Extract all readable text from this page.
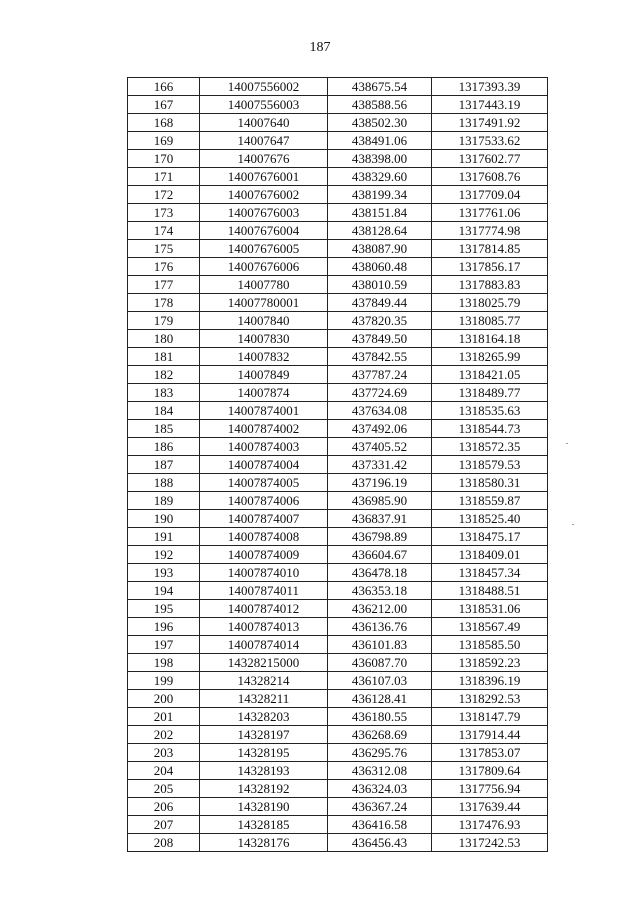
187
166	14007556002	438675.54	1317393.39
167	14007556003	438588.56	1317443.19
168	14007640	438502.30	1317491.92
169	14007647	438491.06	1317533.62
170	14007676	438398.00	1317602.77
171	14007676001	438329.60	1317608.76
172	14007676002	438199.34	1317709.04
173	14007676003	438151.84	1317761.06
174	14007676004	438128.64	1317774.98
175	14007676005	438087.90	1317814.85
176	14007676006	438060.48	1317856.17
177	14007780	438010.59	1317883.83
178	14007780001	437849.44	1318025.79
179	14007840	437820.35	1318085.77
180	14007830	437849.50	1318164.18
181	14007832	437842.55	1318265.99
182	14007849	437787.24	1318421.05
183	14007874	437724.69	1318489.77
184	14007874001	437634.08	1318535.63
185	14007874002	437492.06	1318544.73
186	14007874003	437405.52	1318572.35
187	14007874004	437331.42	1318579.53
188	14007874005	437196.19	1318580.31
189	14007874006	436985.90	1318559.87
190	14007874007	436837.91	1318525.40
191	14007874008	436798.89	1318475.17
192	14007874009	436604.67	1318409.01
193	14007874010	436478.18	1318457.34
194	14007874011	436353.18	1318488.51
195	14007874012	436212.00	1318531.06
196	14007874013	436136.76	1318567.49
197	14007874014	436101.83	1318585.50
198	14328215000	436087.70	1318592.23
199	14328214	436107.03	1318396.19
200	14328211	436128.41	1318292.53
201	14328203	436180.55	1318147.79
202	14328197	436268.69	1317914.44
203	14328195	436295.76	1317853.07
204	14328193	436312.08	1317809.64
205	14328192	436324.03	1317756.94
206	14328190	436367.24	1317639.44
207	14328185	436416.58	1317476.93
208	14328176	436456.43	1317242.53
